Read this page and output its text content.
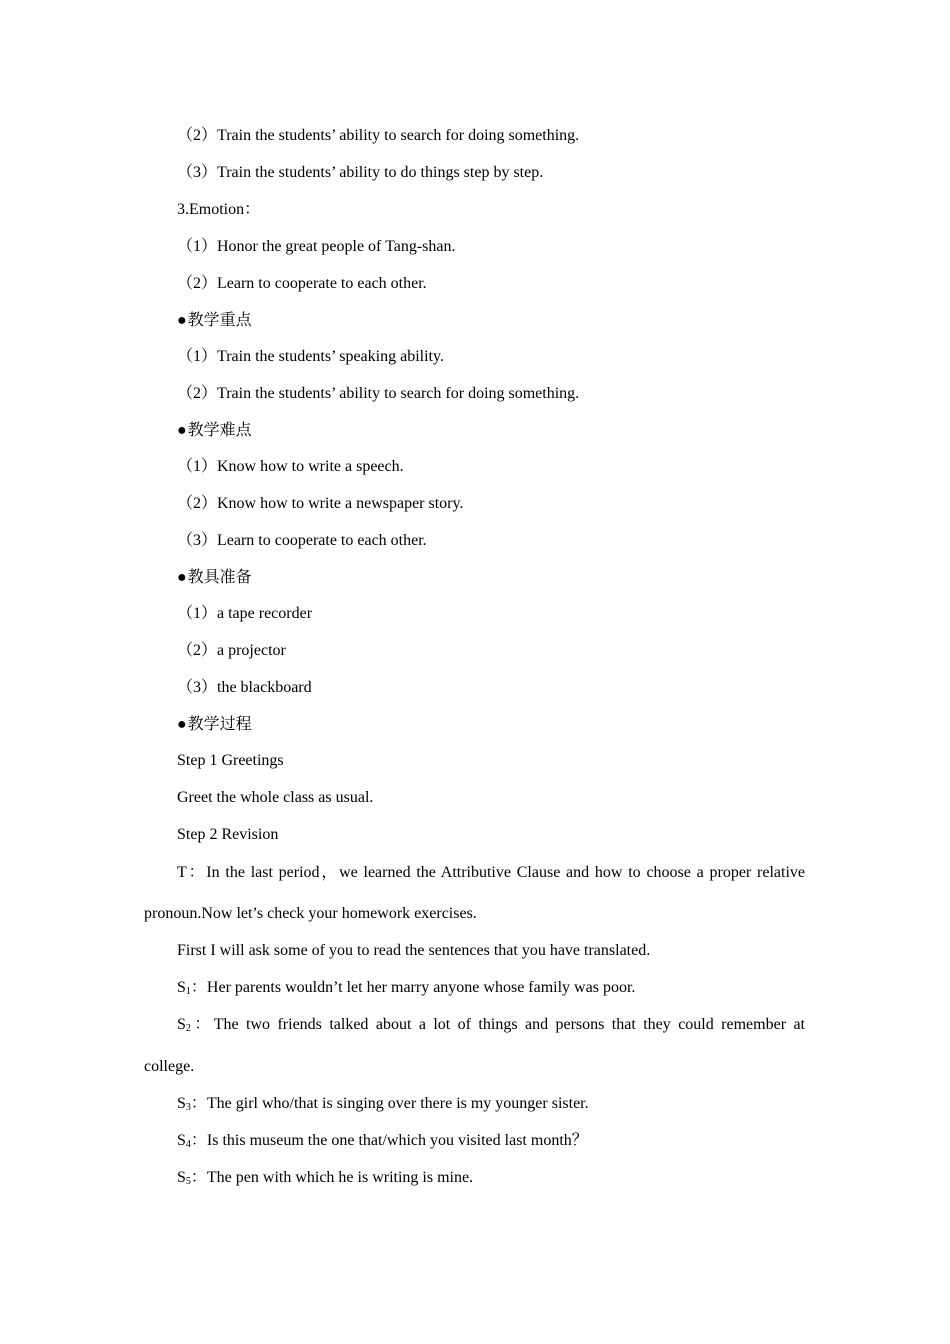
（2）Train the students’ ability to search for doing something.
（3）Train the students’ ability to do things step by step.
3.Emotion：
（1）Honor the great people of Tang-shan.
（2）Learn to cooperate to each other.
●教学重点
（1）Train the students’ speaking ability.
（2）Train the students’ ability to search for doing something.
●教学难点
（1）Know how to write a speech.
（2）Know how to write a newspaper story.
（3）Learn to cooperate to each other.
●教具准备
（1）a tape recorder
（2）a projector
（3）the blackboard
●教学过程
Step 1 Greetings
Greet the whole class as usual.
Step 2 Revision
T：In the last period，we learned the Attributive Clause and how to choose a proper relative
pronoun.Now let’s check your homework exercises.
First I will ask some of you to read the sentences that you have translated.
$S_1$：Her parents wouldn’t let her marry anyone whose family was poor.
$S_2$：The two friends talked about a lot of things and persons that they could remember at
college.
$S_3$：The girl who/that is singing over there is my younger sister.
$S_4$：Is this museum the one that/which you visited last month？
$S_5$：The pen with which he is writing is mine.
